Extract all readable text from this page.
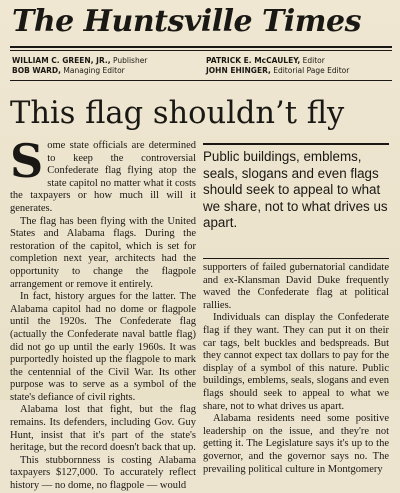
The Huntsville Times
WILLIAM C. GREEN, JR., Publisher
BOB WARD, Managing Editor
PATRICK E. McCAULEY, Editor
JOHN EHINGER, Editorial Page Editor
This flag shouldn’t fly

Some state officials are determined to keep the controversial Confederate flag flying atop the state capitol no matter what it costs the taxpayers or how much ill will it generates.

The flag has been flying with the United States and Alabama flags. During the restoration of the capitol, which is set for completion next year, architects had the opportunity to change the flagpole arrangement or remove it entirely.

In fact, history argues for the latter. The Alabama capitol had no dome or flagpole until the 1920s. The Confederate flag (actually the Confederate naval battle flag) did not go up until the early 1960s. It was purportedly hoisted up the flagpole to mark the centennial of the Civil War. Its other purpose was to serve as a symbol of the state's defiance of civil rights.

Alabama lost that fight, but the flag remains. Its defenders, including Gov. Guy Hunt, insist that it's part of the state's heritage, but the record doesn't back that up.

This stubbornness is costing Alabama taxpayers $127,000. To accurately reflect history — no dome, no flagpole — would

Public buildings, emblems, seals, slogans and even flags should seek to appeal to what we share, not to what drives us apart.

supporters of failed gubernatorial candidate and ex-Klansman David Duke frequently waved the Confederate flag at political rallies.

Individuals can display the Confederate flag if they want. They can put it on their car tags, belt buckles and bedspreads. But they cannot expect tax dollars to pay for the display of a symbol of this nature. Public buildings, emblems, seals, slogans and even flags should seek to appeal to what we share, not to what drives us apart.

Alabama residents need some positive leadership on the issue, and they're not getting it. The Legislature says it's up to the governor, and the governor says no. The prevailing political culture in Montgomery
